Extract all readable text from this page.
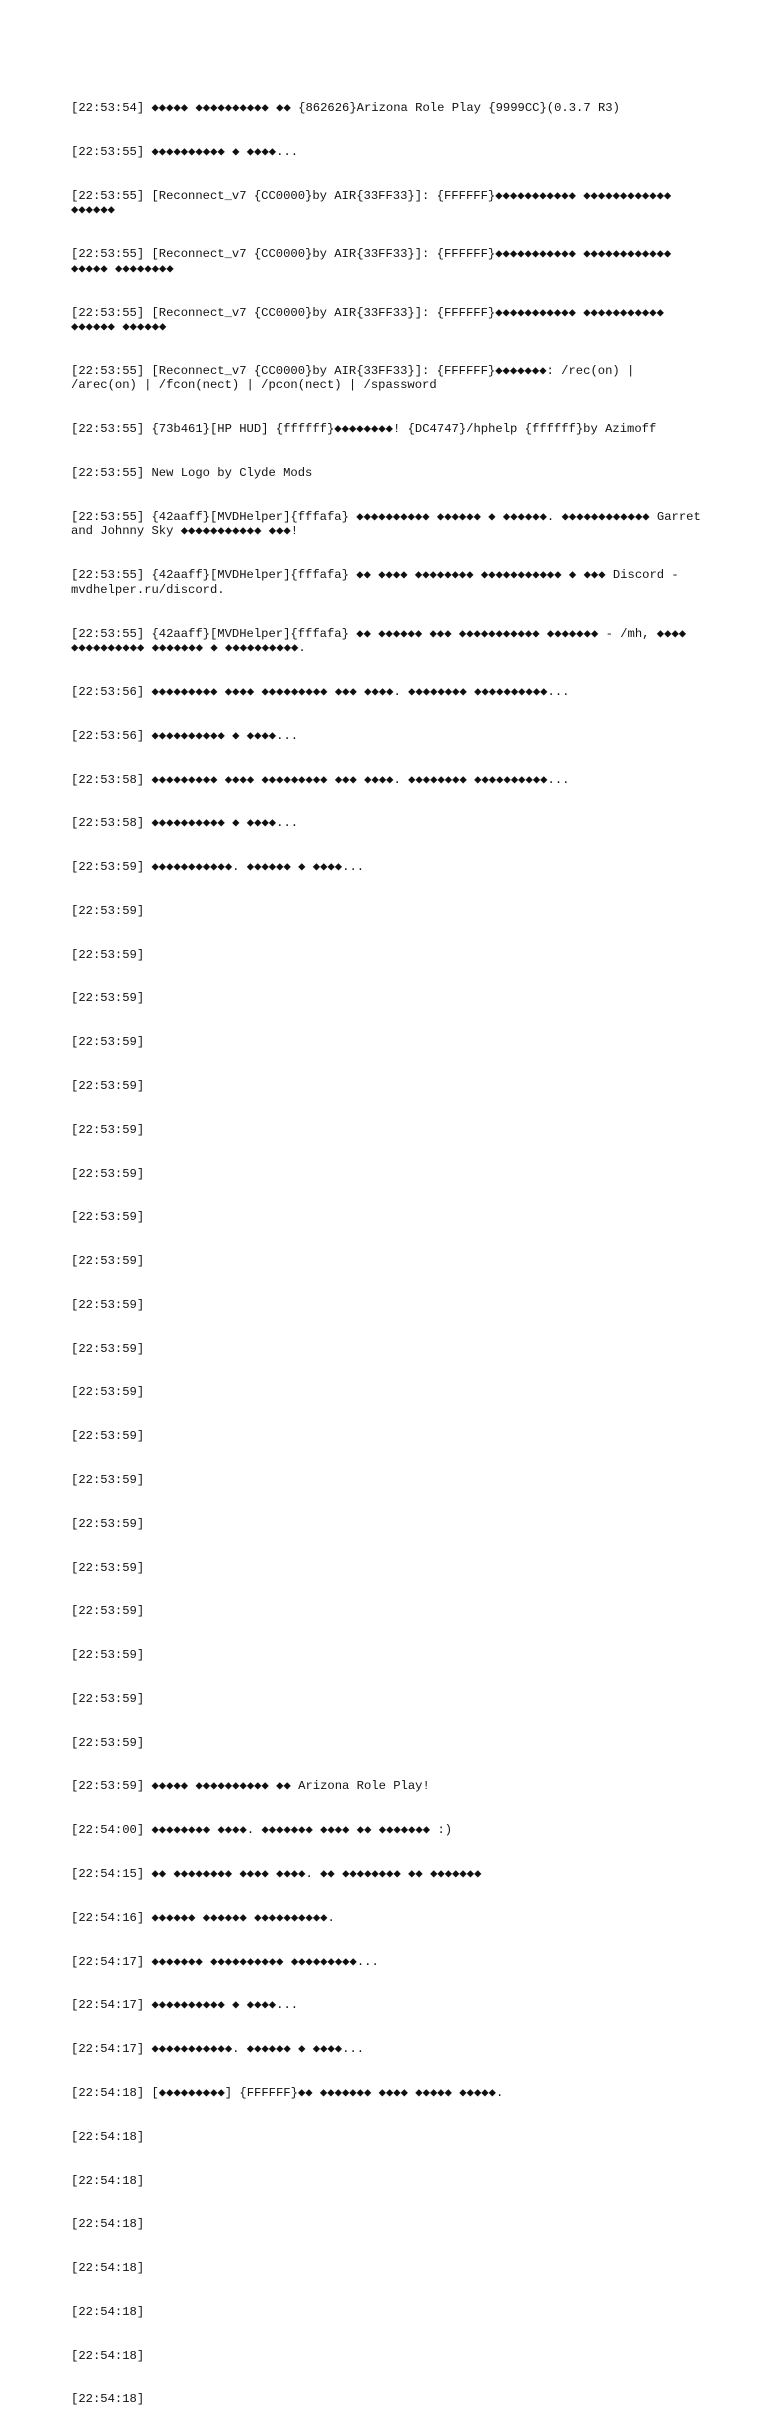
[22:53:54] ◆◆◆◆◆ ◆◆◆◆◆◆◆◆◆◆ ◆◆ {862626}Arizona Role Play {9999CC}(0.3.7 R3)

[22:53:55] ◆◆◆◆◆◆◆◆◆◆ ◆ ◆◆◆◆...

[22:53:55] [Reconnect_v7 {CC0000}by AIR{33FF33}]: {FFFFFF}◆◆◆◆◆◆◆◆◆◆◆ ◆◆◆◆◆◆◆◆◆◆◆◆ ◆◆◆◆◆◆

[22:53:55] [Reconnect_v7 {CC0000}by AIR{33FF33}]: {FFFFFF}◆◆◆◆◆◆◆◆◆◆◆ ◆◆◆◆◆◆◆◆◆◆◆◆ ◆◆◆◆◆ ◆◆◆◆◆◆◆◆

[22:53:55] [Reconnect_v7 {CC0000}by AIR{33FF33}]: {FFFFFF}◆◆◆◆◆◆◆◆◆◆◆ ◆◆◆◆◆◆◆◆◆◆◆ ◆◆◆◆◆◆ ◆◆◆◆◆◆

[22:53:55] [Reconnect_v7 {CC0000}by AIR{33FF33}]: {FFFFFF}◆◆◆◆◆◆◆: /rec(on) | /arec(on) | /fcon(nect) | /pcon(nect) | /spassword

[22:53:55] {73b461}[HP HUD] {ffffff}◆◆◆◆◆◆◆◆! {DC4747}/hphelp {ffffff}by Azimoff

[22:53:55] New Logo by Clyde Mods

[22:53:55] {42aaff}[MVDHelper]{fffafa} ◆◆◆◆◆◆◆◆◆◆ ◆◆◆◆◆◆ ◆ ◆◆◆◆◆◆. ◆◆◆◆◆◆◆◆◆◆◆◆ Garret and Johnny Sky ◆◆◆◆◆◆◆◆◆◆◆ ◆◆◆!

[22:53:55] {42aaff}[MVDHelper]{fffafa} ◆◆ ◆◆◆◆ ◆◆◆◆◆◆◆◆ ◆◆◆◆◆◆◆◆◆◆◆ ◆ ◆◆◆ Discord - mvdhelper.ru/discord.

[22:53:55] {42aaff}[MVDHelper]{fffafa} ◆◆ ◆◆◆◆◆◆ ◆◆◆ ◆◆◆◆◆◆◆◆◆◆◆ ◆◆◆◆◆◆◆ - /mh, ◆◆◆◆ ◆◆◆◆◆◆◆◆◆◆ ◆◆◆◆◆◆◆ ◆ ◆◆◆◆◆◆◆◆◆◆.

[22:53:56] ◆◆◆◆◆◆◆◆◆ ◆◆◆◆ ◆◆◆◆◆◆◆◆◆ ◆◆◆ ◆◆◆◆. ◆◆◆◆◆◆◆◆ ◆◆◆◆◆◆◆◆◆◆...

[22:53:56] ◆◆◆◆◆◆◆◆◆◆ ◆ ◆◆◆◆...

[22:53:58] ◆◆◆◆◆◆◆◆◆ ◆◆◆◆ ◆◆◆◆◆◆◆◆◆ ◆◆◆ ◆◆◆◆. ◆◆◆◆◆◆◆◆ ◆◆◆◆◆◆◆◆◆◆...

[22:53:58] ◆◆◆◆◆◆◆◆◆◆ ◆ ◆◆◆◆...

[22:53:59] ◆◆◆◆◆◆◆◆◆◆◆. ◆◆◆◆◆◆ ◆ ◆◆◆◆...

[22:53:59]

[22:53:59]

[22:53:59]

[22:53:59]

[22:53:59]

[22:53:59]

[22:53:59]

[22:53:59]

[22:53:59]

[22:53:59]

[22:53:59]

[22:53:59]

[22:53:59]

[22:53:59]

[22:53:59]

[22:53:59]

[22:53:59]

[22:53:59]

[22:53:59]

[22:53:59]

[22:53:59] ◆◆◆◆◆ ◆◆◆◆◆◆◆◆◆◆ ◆◆ Arizona Role Play!

[22:54:00] ◆◆◆◆◆◆◆◆ ◆◆◆◆. ◆◆◆◆◆◆◆ ◆◆◆◆ ◆◆ ◆◆◆◆◆◆◆ :)

[22:54:15] ◆◆ ◆◆◆◆◆◆◆◆ ◆◆◆◆ ◆◆◆◆. ◆◆ ◆◆◆◆◆◆◆◆ ◆◆ ◆◆◆◆◆◆◆

[22:54:16] ◆◆◆◆◆◆ ◆◆◆◆◆◆ ◆◆◆◆◆◆◆◆◆◆.

[22:54:17] ◆◆◆◆◆◆◆ ◆◆◆◆◆◆◆◆◆◆ ◆◆◆◆◆◆◆◆◆...

[22:54:17] ◆◆◆◆◆◆◆◆◆◆ ◆ ◆◆◆◆...

[22:54:17] ◆◆◆◆◆◆◆◆◆◆◆. ◆◆◆◆◆◆ ◆ ◆◆◆◆...

[22:54:18] [◆◆◆◆◆◆◆◆◆] {FFFFFF}◆◆ ◆◆◆◆◆◆◆ ◆◆◆◆ ◆◆◆◆◆ ◆◆◆◆◆.

[22:54:18]

[22:54:18]

[22:54:18]

[22:54:18]

[22:54:18]

[22:54:18]

[22:54:18]
